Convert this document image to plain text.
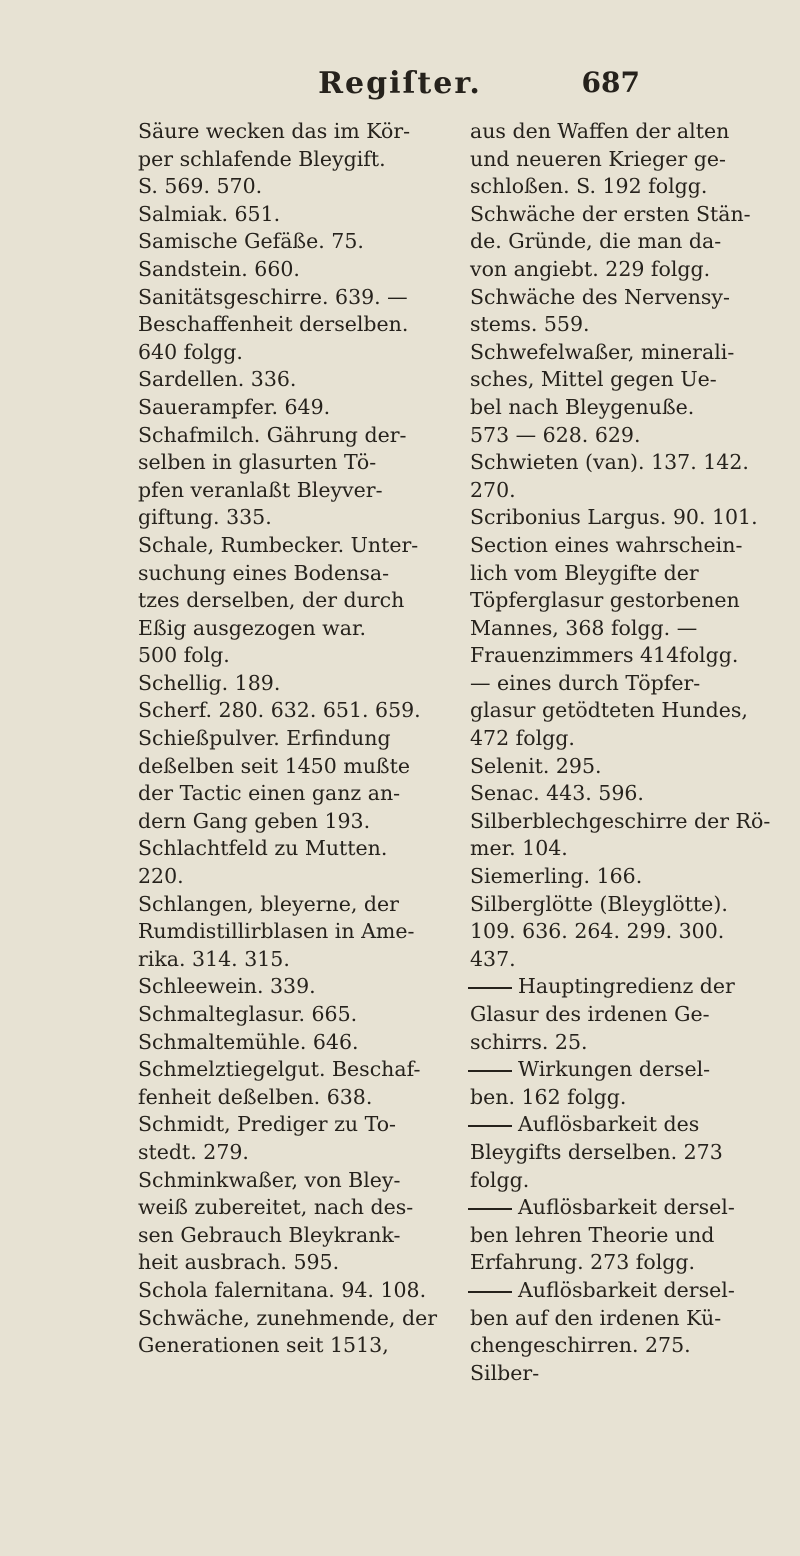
Regiſter.	687
Säure wecken das im Kör-
per schlafende Bleygift.
S. 569. 570.
Salmiak. 651.
Samische Gefäße. 75.
Sandstein. 660.
Sanitätsgeschirre. 639. —
Beschaffenheit derselben.
640 folgg.
Sardellen. 336.
Sauerampfer. 649.
Schafmilch. Gährung der-
selben in glasurten Tö-
pfen veranlaßt Bleyver-
giftung. 335.
Schale, Rumbecker. Unter-
suchung eines Bodensa-
tzes derselben, der durch
Eßig ausgezogen war.
500 folg.
Schellig. 189.
Scherf. 280. 632. 651. 659.
Schießpulver. Erfindung
deßelben seit 1450 mußte
der Tactic einen ganz an-
dern Gang geben 193.
Schlachtfeld zu Mutten.
220.
Schlangen, bleyerne, der
Rumdistillirblasen in Ame-
rika. 314. 315.
Schleewein. 339.
Schmalteglasur. 665.
Schmaltemühle. 646.
Schmelztiegelgut. Beschaf-
fenheit deßelben. 638.
Schmidt, Prediger zu To-
stedt. 279.
Schminkwaßer, von Bley-
weiß zubereitet, nach des-
sen Gebrauch Bleykrank-
heit ausbrach. 595.
Schola falernitana. 94. 108.
Schwäche, zunehmende, der
Generationen seit 1513,
aus den Waffen der alten
und neueren Krieger ge-
schloßen. S. 192 folgg.
Schwäche der ersten Stän-
de. Gründe, die man da-
von angiebt. 229 folgg.
Schwäche des Nervensy-
stems. 559.
Schwefelwaßer, minerali-
sches, Mittel gegen Ue-
bel nach Bleygenuße.
573 — 628. 629.
Schwieten (van). 137. 142.
270.
Scribonius Largus. 90. 101.
Section eines wahrschein-
lich vom Bleygifte der
Töpferglasur gestorbenen
Mannes, 368 folgg. —
Frauenzimmers 414folgg.
— eines durch Töpfer-
glasur getödteten Hundes,
472 folgg.
Selenit. 295.
Senac. 443. 596.
Silberblechgeschirre der Rö-
mer. 104.
Siemerling. 166.
Silberglötte (Bleyglötte).
109. 636. 264. 299. 300.
437.
Hauptingredienz der
Glasur des irdenen Ge-
schirrs. 25.
Wirkungen dersel-
ben. 162 folgg.
Auflösbarkeit des
Bleygifts derselben. 273
folgg.
Auflösbarkeit dersel-
ben lehren Theorie und
Erfahrung. 273 folgg.
Auflösbarkeit dersel-
ben auf den irdenen Kü-
chengeschirren. 275.
Silber-
